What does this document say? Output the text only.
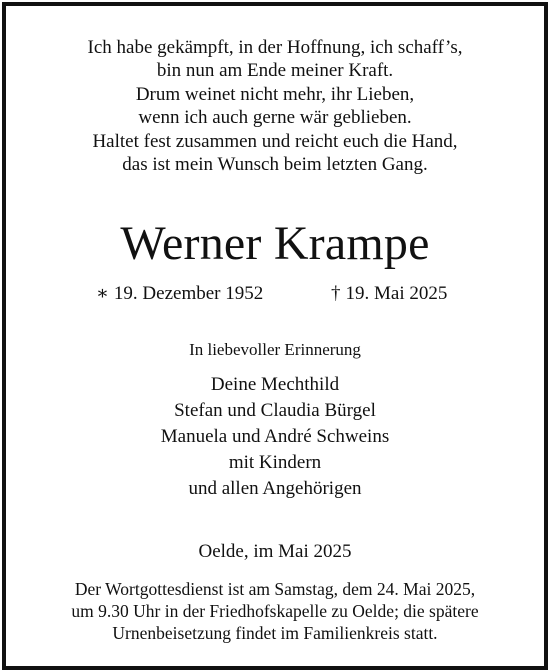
Ich habe gekämpft, in der Hoffnung, ich schaff’s,
bin nun am Ende meiner Kraft.
Drum weinet nicht mehr, ihr Lieben,
wenn ich auch gerne wär geblieben.
Haltet fest zusammen und reicht euch die Hand,
das ist mein Wunsch beim letzten Gang.
Werner Krampe
∗ 19. Dezember 1952	† 19. Mai 2025
In liebevoller Erinnerung
Deine Mechthild
Stefan und Claudia Bürgel
Manuela und André Schweins
mit Kindern
und allen Angehörigen
Oelde, im Mai 2025
Der Wortgottesdienst ist am Samstag, dem 24. Mai 2025,
um 9.30 Uhr in der Friedhofskapelle zu Oelde; die spätere
Urnenbeisetzung findet im Familienkreis statt.
